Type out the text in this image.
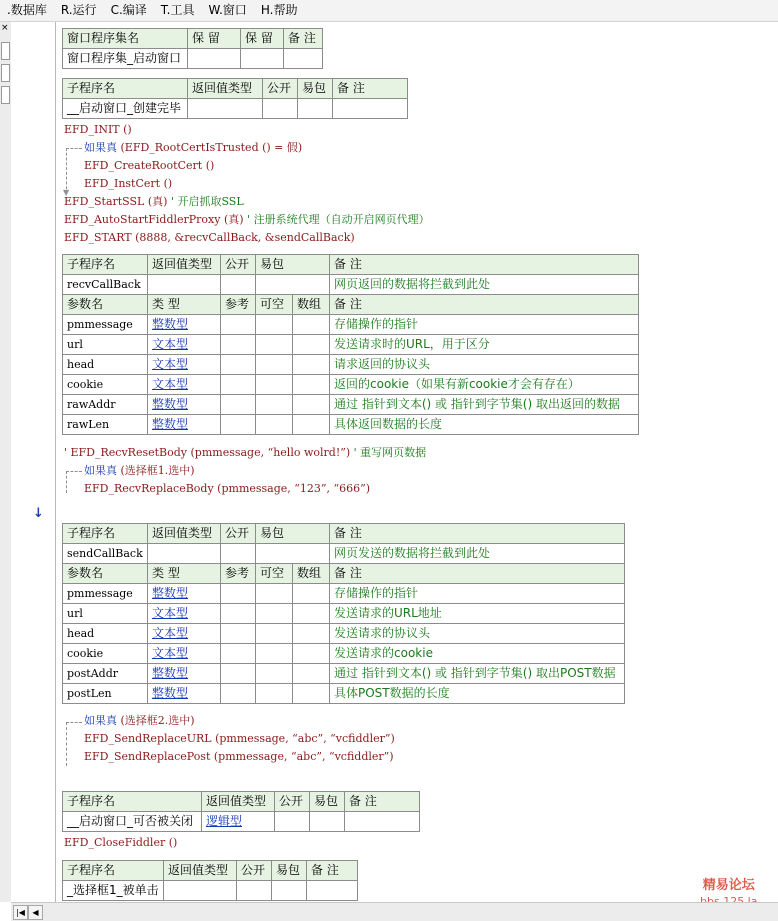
.数据库	R.运行	C.编译	T.工具	W.窗口	H.帮助
×
↓
窗口程序集名	保 留	保 留	备 注
窗口程序集_启动窗口			
子程序名	返回值类型	公开	易包	备 注
__启动窗口_创建完毕				
EFD_INIT ()
▼
如果真 (EFD_RootCertIsTrusted () = 假)
EFD_CreateRootCert ()
EFD_InstCert ()
EFD_StartSSL (真) ' 开启抓取SSL
EFD_AutoStartFiddlerProxy (真) ' 注册系统代理（自动开启网页代理）
EFD_START (8888, &recvCallBack, &sendCallBack)
子程序名	返回值类型	公开	易包		备 注
recvCallBack					网页返回的数据将拦截到此处
参数名	类 型	参考	可空	数组	备 注
pmmessage	整数型				存储操作的指针
url	文本型				发送请求时的URL，用于区分
head	文本型				请求返回的协议头
cookie	文本型				返回的cookie（如果有新cookie才会有存在）
rawAddr	整数型				通过 指针到文本() 或 指针到字节集() 取出返回的数据
rawLen	整数型				具体返回数据的长度
' EFD_RecvResetBody (pmmessage, “hello wolrd!”) ' 重写网页数据
如果真 (选择框1.选中)
EFD_RecvReplaceBody (pmmessage, “123”, “666”)
子程序名	返回值类型	公开	易包		备 注
sendCallBack					网页发送的数据将拦截到此处
参数名	类 型	参考	可空	数组	备 注
pmmessage	整数型				存储操作的指针
url	文本型				发送请求的URL地址
head	文本型				发送请求的协议头
cookie	文本型				发送请求的cookie
postAddr	整数型				通过 指针到文本() 或 指针到字节集() 取出POST数据
postLen	整数型				具体POST数据的长度
如果真 (选择框2.选中)
EFD_SendReplaceURL (pmmessage, “abc”, “vcfiddler”)
EFD_SendReplacePost (pmmessage, “abc”, “vcfiddler”)
子程序名	返回值类型	公开	易包	备 注
__启动窗口_可否被关闭	逻辑型			
EFD_CloseFiddler ()
子程序名	返回值类型	公开	易包	备 注
_选择框1_被单击					精易论坛
|◀ ◀
